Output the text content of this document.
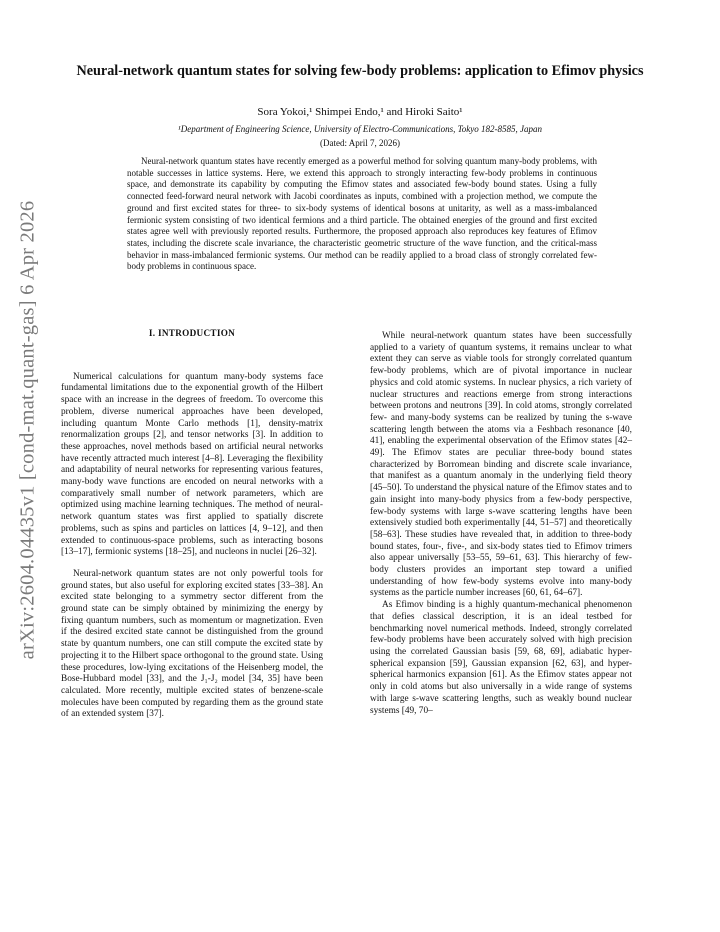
arXiv:2604.04435v1 [cond-mat.quant-gas] 6 Apr 2026
Neural-network quantum states for solving few-body problems: application to Efimov physics
Sora Yokoi,¹ Shimpei Endo,¹ and Hiroki Saito¹
¹Department of Engineering Science, University of Electro-Communications, Tokyo 182-8585, Japan
(Dated: April 7, 2026)
Neural-network quantum states have recently emerged as a powerful method for solving quantum many-body problems, with notable successes in lattice systems. Here, we extend this approach to strongly interacting few-body problems in continuous space, and demonstrate its capability by computing the Efimov states and associated few-body bound states. Using a fully connected feed-forward neural network with Jacobi coordinates as inputs, combined with a projection method, we compute the ground and first excited states for three- to six-body systems of identical bosons at unitarity, as well as a mass-imbalanced fermionic system consisting of two identical fermions and a third particle. The obtained energies of the ground and first excited states agree well with previously reported results. Furthermore, the proposed approach also reproduces key features of Efimov states, including the discrete scale invariance, the characteristic geometric structure of the wave function, and the critical-mass behavior in mass-imbalanced fermionic systems. Our method can be readily applied to a broad class of strongly correlated few-body problems in continuous space.

I. INTRODUCTION

Numerical calculations for quantum many-body systems face fundamental limitations due to the exponential growth of the Hilbert space with an increase in the degrees of freedom. To overcome this problem, diverse numerical approaches have been developed, including quantum Monte Carlo methods [1], density-matrix renormalization groups [2], and tensor networks [3]. In addition to these approaches, novel methods based on artificial neural networks have recently attracted much interest [4–8]. Leveraging the flexibility and adaptability of neural networks for representing various features, many-body wave functions are encoded on neural networks with a comparatively small number of network parameters, which are optimized using machine learning techniques. The method of neural-network quantum states was first applied to spatially discrete problems, such as spins and particles on lattices [4, 9–12], and then extended to continuous-space problems, such as interacting bosons [13–17], fermionic systems [18–25], and nucleons in nuclei [26–32].

Neural-network quantum states are not only powerful tools for ground states, but also useful for exploring excited states [33–38]. An excited state belonging to a symmetry sector different from the ground state can be simply obtained by minimizing the energy by fixing quantum numbers, such as momentum or magnetization. Even if the desired excited state cannot be distinguished from the ground state by quantum numbers, one can still compute the excited state by projecting it to the Hilbert space orthogonal to the ground state. Using these procedures, low-lying excitations of the Heisenberg model, the Bose-Hubbard model [33], and the J₁-J₂ model [34, 35] have been calculated. More recently, multiple excited states of benzene-scale molecules have been computed by regarding them as the ground state of an extended system [37].

While neural-network quantum states have been successfully applied to a variety of quantum systems, it remains unclear to what extent they can serve as viable tools for strongly correlated quantum few-body problems, which are of pivotal importance in nuclear physics and cold atomic systems. In nuclear physics, a rich variety of nuclear structures and reactions emerge from strong interactions between protons and neutrons [39]. In cold atoms, strongly correlated few- and many-body systems can be realized by tuning the s-wave scattering length between the atoms via a Feshbach resonance [40, 41], enabling the experimental observation of the Efimov states [42–49]. The Efimov states are peculiar three-body bound states characterized by Borromean binding and discrete scale invariance, that manifest as a quantum anomaly in the underlying field theory [45–50]. To understand the physical nature of the Efimov states and to gain insight into many-body physics from a few-body perspective, few-body systems with large s-wave scattering lengths have been extensively studied both experimentally [44, 51–57] and theoretically [58–63]. These studies have revealed that, in addition to three-body bound states, four-, five-, and six-body states tied to Efimov trimers also appear universally [53–55, 59–61, 63]. This hierarchy of few-body clusters provides an important step toward a unified understanding of how few-body systems evolve into many-body systems as the particle number increases [60, 61, 64–67].

As Efimov binding is a highly quantum-mechanical phenomenon that defies classical description, it is an ideal testbed for benchmarking novel numerical methods. Indeed, strongly correlated few-body problems have been accurately solved with high precision using the correlated Gaussian basis [59, 68, 69], adiabatic hyper-spherical expansion [59], Gaussian expansion [62, 63], and hyper-spherical harmonics expansion [61]. As the Efimov states appear not only in cold atoms but also universally in a wide range of systems with large s-wave scattering lengths, such as weakly bound nuclear systems [49, 70–
